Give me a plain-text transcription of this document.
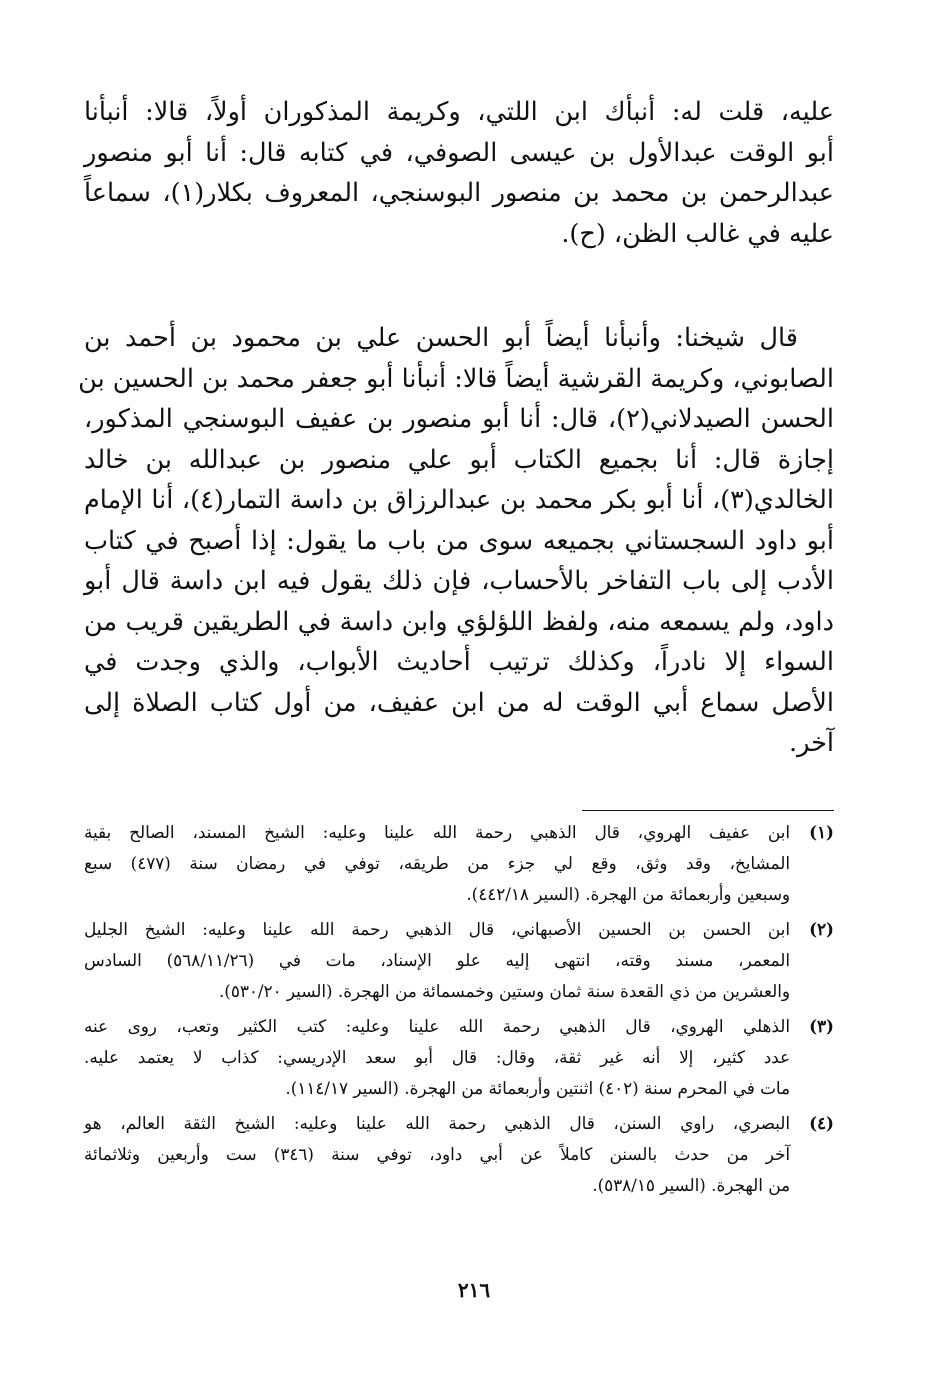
عليه، قلت له: أنبأك ابن اللتي، وكريمة المذكوران أولاً، قالا: أنبأنا
أبو الوقت عبدالأول بن عيسى الصوفي، في كتابه قال: أنا أبو منصور
عبدالرحمن بن محمد بن منصور البوسنجي، المعروف بكلار(١)، سماعاً
عليه في غالب الظن، (ح).
قال شيخنا: وأنبأنا أيضاً أبو الحسن علي بن محمود بن أحمد بن
الصابوني، وكريمة القرشية أيضاً قالا: أنبأنا أبو جعفر محمد بن الحسين بن
الحسن الصيدلاني(٢)، قال: أنا أبو منصور بن عفيف البوسنجي المذكور،
إجازة قال: أنا بجميع الكتاب أبو علي منصور بن عبدالله بن خالد
الخالدي(٣)، أنا أبو بكر محمد بن عبدالرزاق بن داسة التمار(٤)، أنا الإمام
أبو داود السجستاني بجميعه سوى من باب ما يقول: إذا أصبح في كتاب
الأدب إلى باب التفاخر بالأحساب، فإن ذلك يقول فيه ابن داسة قال أبو
داود، ولم يسمعه منه، ولفظ اللؤلؤي وابن داسة في الطريقين قريب من
السواء إلا نادراً، وكذلك ترتيب أحاديث الأبواب، والذي وجدت في
الأصل سماع أبي الوقت له من ابن عفيف، من أول كتاب الصلاة إلى
آخر.
(١)
ابن عفيف الهروي، قال الذهبي رحمة الله علينا وعليه: الشيخ المسند، الصالح بقية
المشايخ، وقد وثق، وقع لي جزء من طريقه، توفي في رمضان سنة (٤٧٧) سبع
وسبعين وأربعمائة من الهجرة. (السير ٤٤٢/١٨).
(٢)
ابن الحسن بن الحسين الأصبهاني، قال الذهبي رحمة الله علينا وعليه: الشيخ الجليل
المعمر، مسند وقته، انتهى إليه علو الإسناد، مات في (٥٦٨/١١/٢٦) السادس
والعشرين من ذي القعدة سنة ثمان وستين وخمسمائة من الهجرة. (السير ٥٣٠/٢٠).
(٣)
الذهلي الهروي، قال الذهبي رحمة الله علينا وعليه: كتب الكثير وتعب، روى عنه
عدد كثير، إلا أنه غير ثقة، وقال: قال أبو سعد الإدريسي: كذاب لا يعتمد عليه.
مات في المحرم سنة (٤٠٢) اثنتين وأربعمائة من الهجرة. (السير ١١٤/١٧).
(٤)
البصري، راوي السنن، قال الذهبي رحمة الله علينا وعليه: الشيخ الثقة العالم، هو
آخر من حدث بالسنن كاملاً عن أبي داود، توفي سنة (٣٤٦) ست وأربعين وثلاثمائة
من الهجرة. (السير ٥٣٨/١٥).
٢١٦
